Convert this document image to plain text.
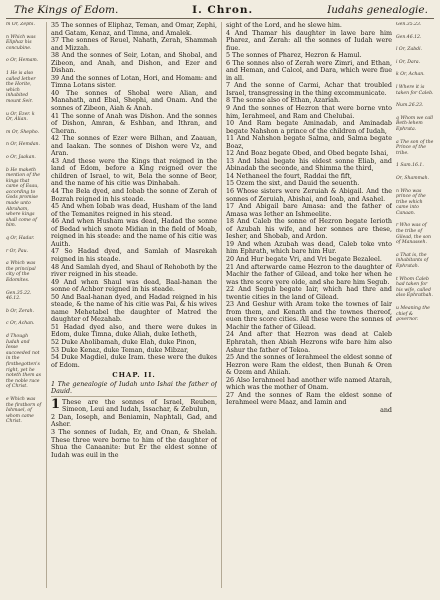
The Kings of Edom.	I. Chron.	Iudahs genealogie.

m Or, Zephi.

n Which was Eliphaz his concubine.

o Or, Hemam.

1 He is also called Iether the Horite, which inhabited mount Seir.

u Or, Ezer. k Or, Alian.

m Or, Shepho.

n Or, Hemdan.

o Or, Jaakan.

b He maketh mention of the kings that came of Esau, according to Gods promise made unto Abraham, where kings shall come of him.

q Or, Hadar.

r Or, Pau.

a Which was the principal city of the Edomites.

Gen.35.22. 46.12.

b Or, Zerah.

c Or, Achan.

d Though Iudah and Iesse succeeded not in the firstbegotten's right, yet he noteth them as the noble race of Christ.

e Which was the firstborn of Ishmael, of whom came Christ.

35 The sonnes of Eliphaz, Teman, and Omar, Zephi, and Gatam, Kenaz, and Timna, and Amalek.

37 The sonnes of Reuel, Nahath, Zerah, Shammah and Mizzah.

38 And the sonnes of Seir, Lotan, and Shobal, and Zibeon, and Anah, and Dishon, and Ezer and Dishan.

39 And the sonnes of Lotan, Hori, and Homam: and Timna Lotans sister.

40 The sonnes of Shobal were Alian, and Manahath, and Ebal, Shephi, and Onam. And the sonnes of Zibeon, Aiah & Anah.

41 The sonne of Anah was Dishon. And the sonnes of Dishon, Amran, & Eshban, and Ithran, and Cheran.

42 The sonnes of Ezer were Bilhan, and Zaauan, and Iaakan. The sonnes of Dishon were Vz, and Aran.

43 And these were the Kings that reigned in the land of Edom, before a King reigned over the children of Israel, to wit, Bela the sonne of Beor, and the name of his citie was Dinhabah.

44 The Bela dyed, and Iobab the sonne of Zerah of Bozrah reigned in his steade.

45 And when Iobab was dead, Husham of the land of the Temanites reigned in his stead.

46 And when Husham was dead, Hadad the sonne of Bedad which smote Midian in the field of Moab, reigned in his steade: and the name of his citie was Auith.

47 So Hadad dyed, and Samlah of Masrekah reigned in his steade.

48 And Samlah dyed, and Shaul of Rehoboth by the river reigned in his steade.

49 And when Shaul was dead, Baal-hanan the sonne of Achbor reigned in his steade.

50 And Baal-hanan dyed, and Hadad reigned in his steade, & the name of his citie was Pai, & his wives name Mehetabel the daughter of Matred the daughter of Mezahab.

51 Hadad dyed also, and there were dukes in Edom, duke Timna, duke Aliah, duke Ietheth,

52 Duke Aholibamah, duke Elah, duke Pinon,

53 Duke Kenaz, duke Teman, duke Mibzar,

54 Duke Magdiel, duke Iram. these were the dukes of Edom.

CHAP. II.

1 The genealogie of Iudah unto Ishai the father of Dauid.

1These are the sonnes of Israel, Reuben, Simeon, Leui and Iudah, Issachar, & Zebulun,

2 Dan, Ioseph, and Beniamin, Naphtali, Gad, and Asher.

3 The sonnes of Iudah, Er, and Onan, & Shelah. These three were borne to him of the daughter of Shua the Canaanite: but Er the eldest sonne of Iudah was euil in the

sight of the Lord, and he slewe him.

4 And Thamar his daughter in lawe bare him Pharez, and Zerah: all the sonnes of Iudah were fiue.

5 The sonnes of Pharez, Hezron & Hamul.

6 The sonnes also of Zerah were Zimri, and Ethan, and Heman, and Calcol, and Dara, which were fiue in all.

7 And the sonne of Carmi, Achar that troubled Israel, transgressing in the thing excommunicate.

8 The sonne also of Ethan, Azariah.

9 And the sonnes of Hezron that were borne vnto him, Ierahmeel, and Ram and Chelubai.

10 And Ram begate Aminadab, and Aminadab begate Nahshon a prince of the children of Iudah,

11 And Nahshon begate Salma, and Salma begate Boaz,

12 And Boaz begate Obed, and Obed begate Ishai,

13 And Ishai begate his eldest sonne Eliab, and Abinadab the seconde, and Shimma the third,

14 Nethaneel the fourt, Raddai the fift,

15 Ozem the sixt, and Dauid the seuenth.

16 Whose sisters were Zeruiah & Abigail. And the sonnes of Zeruiah, Abishai, and Ioab, and Asahel.

17 And Abigail bare Amasa: and the father of Amasa was Iether an Ishmeelite.

18 And Caleb the sonne of Hezron begate Ierioth of Azubah his wife, and her sonnes are these, Iesher, and Shobab, and Ardon.

19 And when Azubah was dead, Caleb toke vnto him Ephrath, which bare him Hur.

20 And Hur begate Vri, and Vri begate Bezaleel.

21 And afterwarde came Hezron to the daughter of Machir the father of Gilead, and toke her when he was thre score yere olde, and she bare him Segub.

22 And Segub begate Iair, which had thre and twentie cities in the land of Gilead.

23 And Geshur with Aram toke the townes of Iair from them, and Kenath and the townes thereof, euen thre score cities. All these were the sonnes of Machir the father of Gilead.

24 And after that Hezron was dead at Caleb Ephratah, then Abiah Hezrons wife bare him also Ashur the father of Tekoa.

25 And the sonnes of Ierahmeel the eldest sonne of Hezron were Ram the eldest, then Bunah & Oren & Ozem and Ahiiah.

26 Also Ierahmeel had another wife named Atarah, which was the mother of Onam.

27 And the sonnes of Ram the eldest sonne of Ierahmeel were Maaz, and Iamin and

and

Gen.35.23.

Gen.46.12.

l Or, Zabdi.

i Or, Dara.

k Or, Achan.

l Where it is taken for Caleb.

Num.26.23.

q Whom we call Beth-lehem Ephrata.

a The son of the Prince of the tribe.

1 Sam.16.1.

Or, Shammah.

n Who was prince of the tribe which came into Canaan.

r Who was of the tribe of Gilead, the son of Manasseh.

a That is, the inhabitants of Ephratah.

t Whom Caleb had taken for his wife, called also Ephrathah.

u Meaning the chief & governor.
